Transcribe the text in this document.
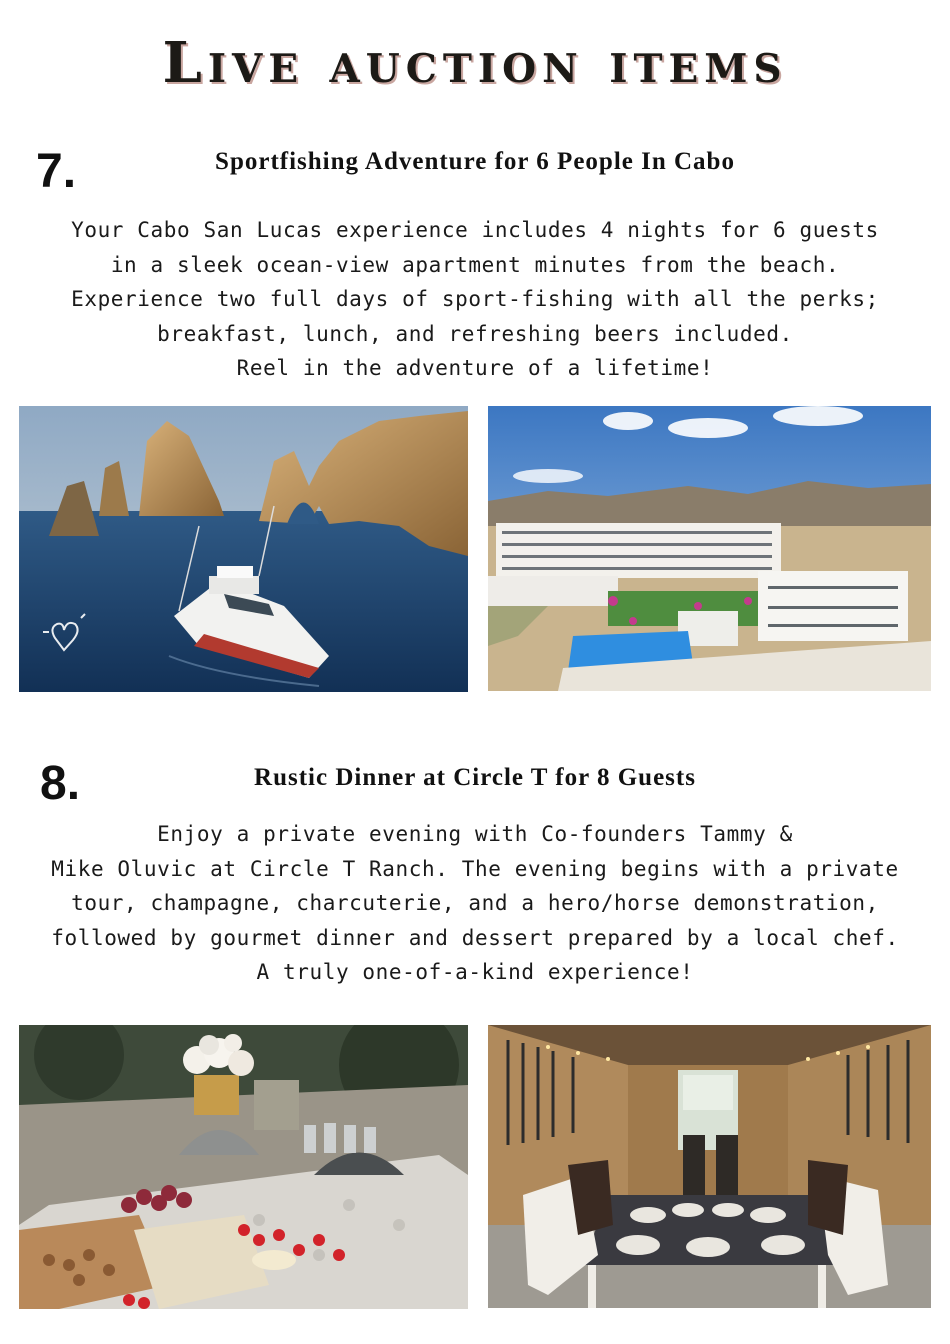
Live auction items
7.	Sportfishing Adventure for 6 People In Cabo
Your Cabo San Lucas experience includes 4 nights for 6 guests
in a sleek ocean-view apartment minutes from the beach.
Experience two full days of sport-fishing with all the perks;
breakfast, lunch, and refreshing beers included.
Reel in the adventure of a lifetime!
8.	Rustic Dinner at Circle T for 8 Guests
Enjoy a private evening with Co-founders Tammy &
Mike Oluvic at Circle T Ranch. The evening begins with a private
tour, champagne, charcuterie, and a hero/horse demonstration,
followed by gourmet dinner and dessert prepared by a local chef.
A truly one-of-a-kind experience!
